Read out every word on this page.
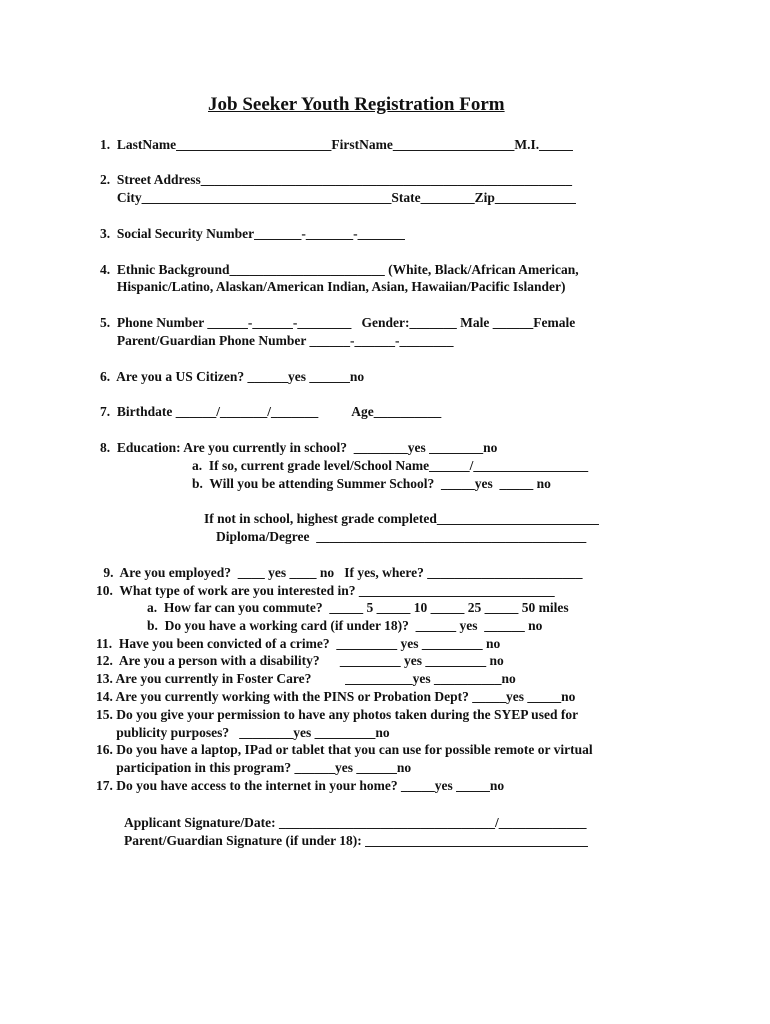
Job Seeker Youth Registration Form
1.  LastName_______________________FirstName__________________M.I._____
2.  Street Address_______________________________________________________
City_____________________________________State________Zip____________
3.  Social Security Number_______-_______-_______
4.  Ethnic Background_______________________ (White, Black/African American,
Hispanic/Latino, Alaskan/American Indian, Asian, Hawaiian/Pacific Islander)
5.  Phone Number ______-______-________   Gender:_______ Male ______Female
Parent/Guardian Phone Number ______-______-________
6.  Are you a US Citizen? ______yes ______no
7.  Birthdate ______/_______/_______          Age__________
8.  Education: Are you currently in school?  ________yes ________no
a.  If so, current grade level/School Name______/_________________
b.  Will you be attending Summer School?  _____yes  _____ no
If not in school, highest grade completed________________________
Diploma/Degree  ________________________________________
9.  Are you employed?  ____ yes ____ no   If yes, where? _______________________
10.  What type of work are you interested in? _____________________________
a.  How far can you commute?  _____ 5 _____ 10 _____ 25 _____ 50 miles
b.  Do you have a working card (if under 18)?  ______ yes  ______ no
11.  Have you been convicted of a crime?  _________ yes _________ no
12.  Are you a person with a disability?      _________ yes _________ no
13. Are you currently in Foster Care?          __________yes __________no
14. Are you currently working with the PINS or Probation Dept? _____yes _____no
15. Do you give your permission to have any photos taken during the SYEP used for
publicity purposes?   ________yes _________no
16. Do you have a laptop, IPad or tablet that you can use for possible remote or virtual
participation in this program? ______yes ______no
17. Do you have access to the internet in your home? _____yes _____no
Applicant Signature/Date: ________________________________/_____________
Parent/Guardian Signature (if under 18): _________________________________
